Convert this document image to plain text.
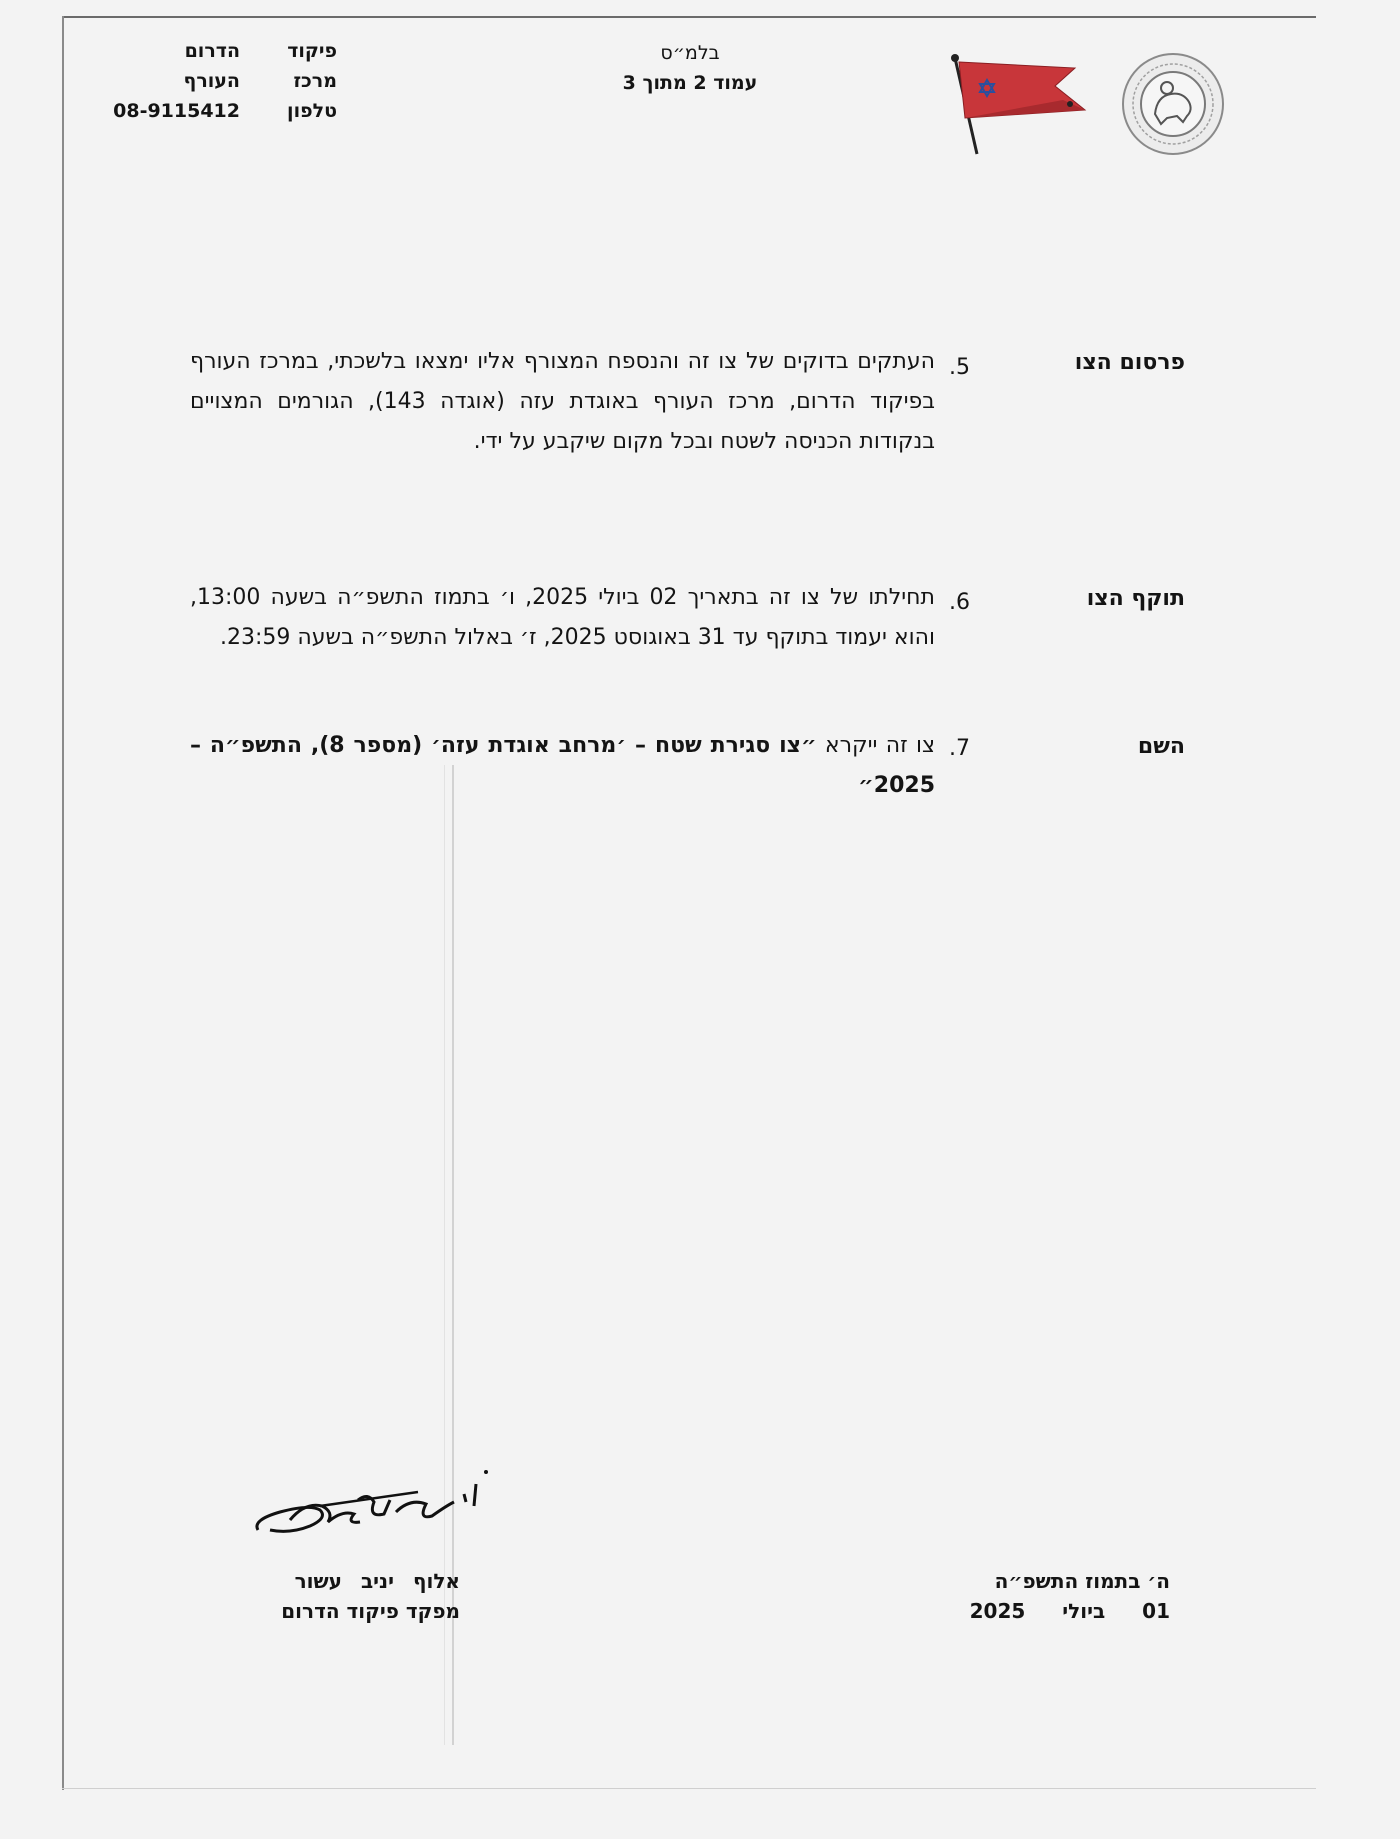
פיקוד
מרכז
טלפון
הדרום
העורף
08-9115412
בלמ״ס
עמוד 2 מתוך 3
פרסום הצו
5.
העתקים בדוקים של צו זה והנספח המצורף אליו ימצאו בלשכתי, במרכז העורף בפיקוד הדרום, מרכז העורף באוגדת עזה (אוגדה 143), הגורמים המצויים בנקודות הכניסה לשטח ובכל מקום שיקבע על ידי.
תוקף הצו
6.
תחילתו של צו זה בתאריך 02 ביולי 2025, ו׳ בתמוז התשפ״ה בשעה 13:00, והוא יעמוד בתוקף עד 31 באוגוסט 2025, ז׳ באלול התשפ״ה בשעה 23:59.
השם
7.
צו זה ייקרא ״צו סגירת שטח – ׳מרחב אוגדת עזה׳ (מספר 8), התשפ״ה – 2025״
אלוף יניב עשור
מפקד פיקוד הדרום
ה׳ בתמוז התשפ״ה
01 ביולי 2025
